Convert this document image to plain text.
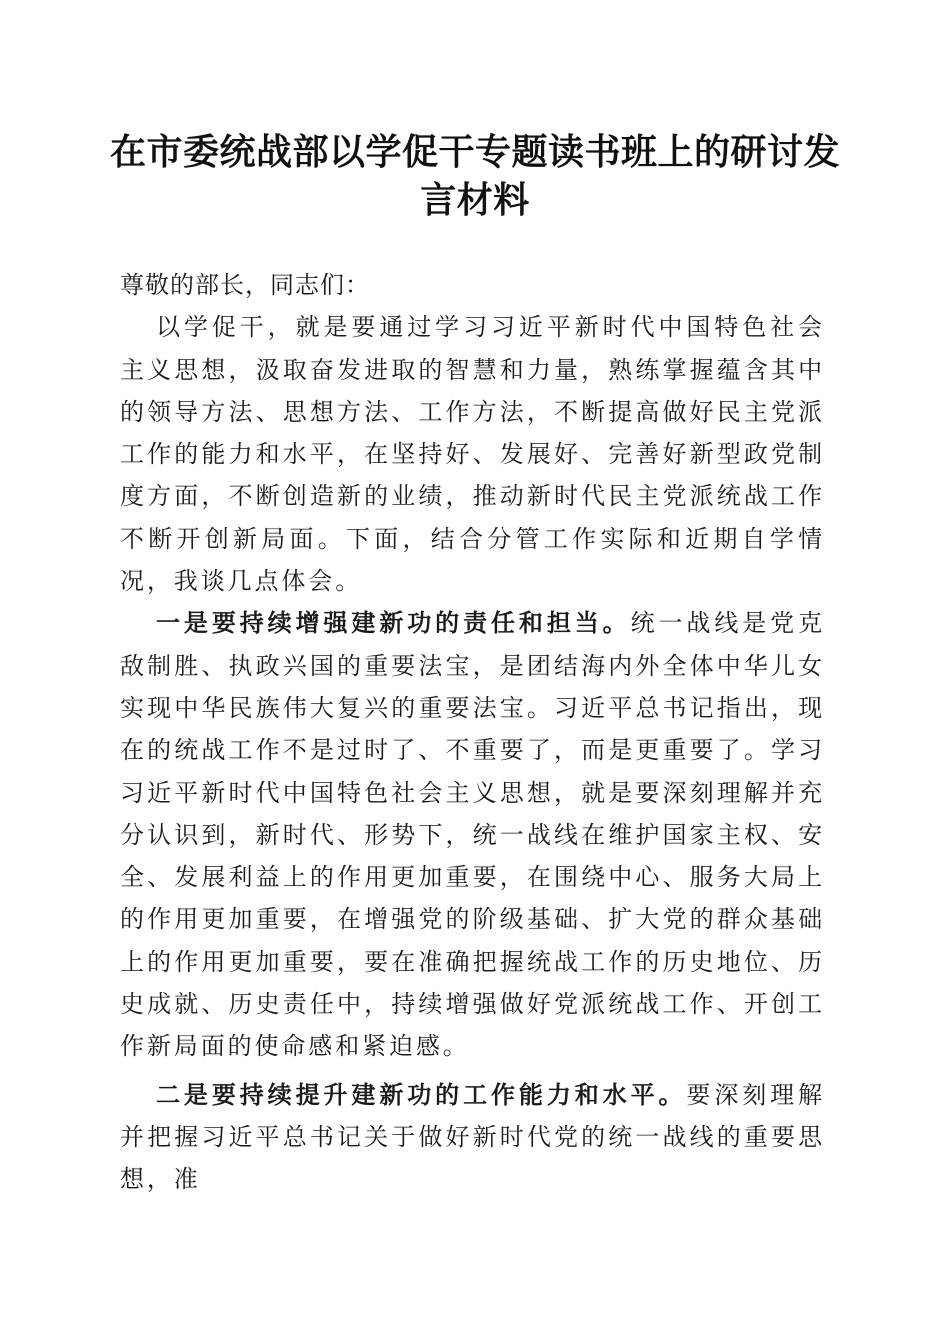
在市委统战部以学促干专题读书班上的研讨发言材料

尊敬的部长，同志们：

以学促干，就是要通过学习习近平新时代中国特色社会主义思想，汲取奋发进取的智慧和力量，熟练掌握蕴含其中的领导方法、思想方法、工作方法，不断提高做好民主党派工作的能力和水平，在坚持好、发展好、完善好新型政党制度方面，不断创造新的业绩，推动新时代民主党派统战工作不断开创新局面。下面，结合分管工作实际和近期自学情况，我谈几点体会。

一是要持续增强建新功的责任和担当。统一战线是党克敌制胜、执政兴国的重要法宝，是团结海内外全体中华儿女实现中华民族伟大复兴的重要法宝。习近平总书记指出，现在的统战工作不是过时了、不重要了，而是更重要了。学习习近平新时代中国特色社会主义思想，就是要深刻理解并充分认识到，新时代、形势下，统一战线在维护国家主权、安全、发展利益上的作用更加重要，在围绕中心、服务大局上的作用更加重要，在增强党的阶级基础、扩大党的群众基础上的作用更加重要，要在准确把握统战工作的历史地位、历史成就、历史责任中，持续增强做好党派统战工作、开创工作新局面的使命感和紧迫感。

二是要持续提升建新功的工作能力和水平。要深刻理解并把握习近平总书记关于做好新时代党的统一战线的重要思想，准
